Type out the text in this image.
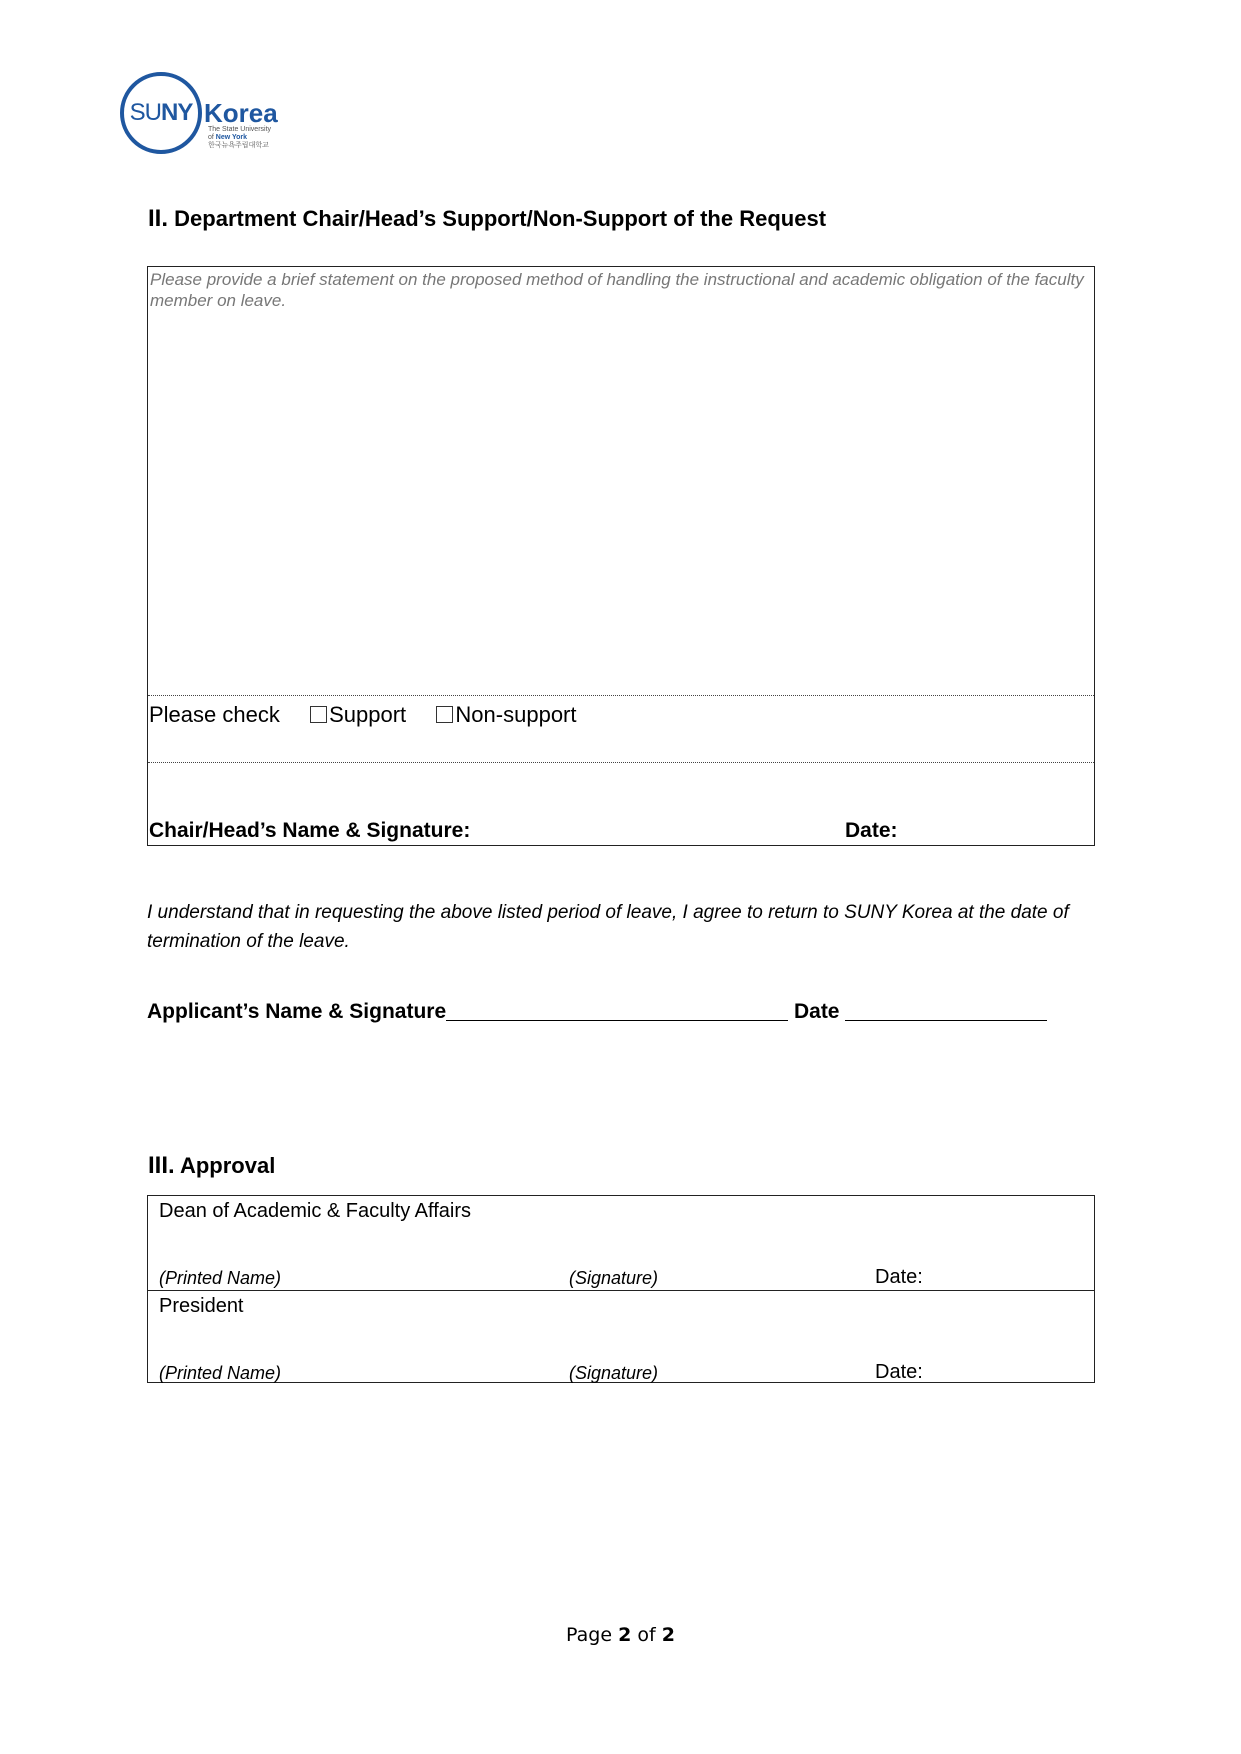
SUNY Korea
The State University
of New York
한국뉴욕주립대학교
II. Department Chair/Head’s Support/Non-Support of the Request
Please provide a brief statement on the proposed method of handling the instructional and academic obligation of the faculty member on leave.
Please check Support Non-support
Chair/Head’s Name & Signature:	Date:
I understand that in requesting the above listed period of leave, I agree to return to SUNY Korea at the date of termination of the leave.
Applicant’s Name & Signature	Date
III. Approval
Dean of Academic & Faculty Affairs
(Printed Name)	(Signature)	Date:
President
(Printed Name)	(Signature)	Date:
Page 2 of 2
